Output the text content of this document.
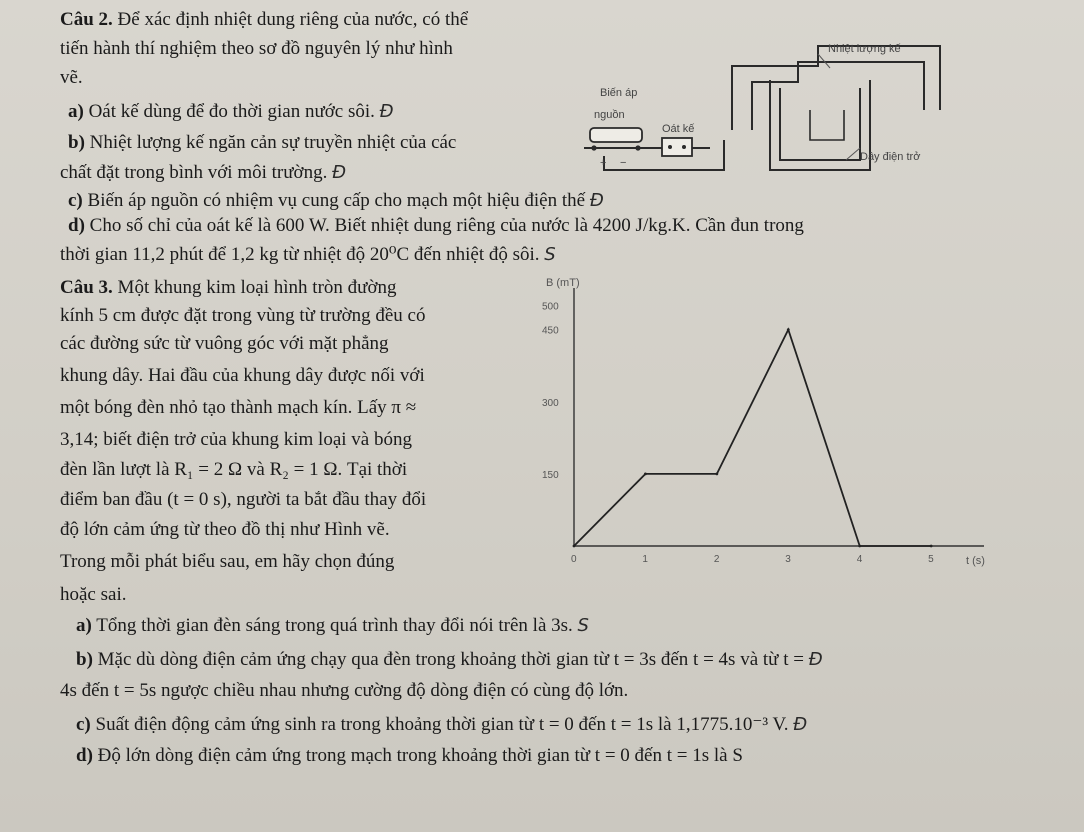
Câu 2. Để xác định nhiệt dung riêng của nước, có thể
tiến hành thí nghiệm theo sơ đồ nguyên lý như hình
vẽ.
a) Oát kế dùng để đo thời gian nước sôi. Đ
b) Nhiệt lượng kế ngăn cản sự truyền nhiệt của các
chất đặt trong bình với môi trường. Đ
c) Biến áp nguồn có nhiệm vụ cung cấp cho mạch một hiệu điện thế Đ
d) Cho số chỉ của oát kế là 600 W. Biết nhiệt dung riêng của nước là 4200 J/kg.K. Cần đun trong
thời gian 11,2 phút để 1,2 kg từ nhiệt độ 20⁰C đến nhiệt độ sôi. S
Nhiệt lượng kế
Biến áp
nguồn
Oát kế
Dây điện trở
+ −
Câu 3. Một khung kim loại hình tròn đường
kính 5 cm được đặt trong vùng từ trường đều có
các đường sức từ vuông góc với mặt phẳng
khung dây. Hai đầu của khung dây được nối với
một bóng đèn nhỏ tạo thành mạch kín. Lấy π ≈
3,14; biết điện trở của khung kim loại và bóng
đèn lần lượt là R₁ = 2 Ω và R₂ = 1 Ω. Tại thời
điểm ban đầu (t = 0 s), người ta bắt đầu thay đổi
độ lớn cảm ứng từ theo đồ thị như Hình vẽ.
Trong mỗi phát biểu sau, em hãy chọn đúng
hoặc sai.
B (mT)
t (s)
150
300
450
500
0	1	2	3	4	5
a) Tổng thời gian đèn sáng trong quá trình thay đổi nói trên là 3s. S
b) Mặc dù dòng điện cảm ứng chạy qua đèn trong khoảng thời gian từ t = 3s đến t = 4s và từ t = Đ
4s đến t = 5s ngược chiều nhau nhưng cường độ dòng điện có cùng độ lớn.
c) Suất điện động cảm ứng sinh ra trong khoảng thời gian từ t = 0 đến t = 1s là 1,1775.10⁻³ V. Đ
d) Độ lớn dòng điện cảm ứng trong mạch trong khoảng thời gian từ t = 0 đến t = 1s là S
